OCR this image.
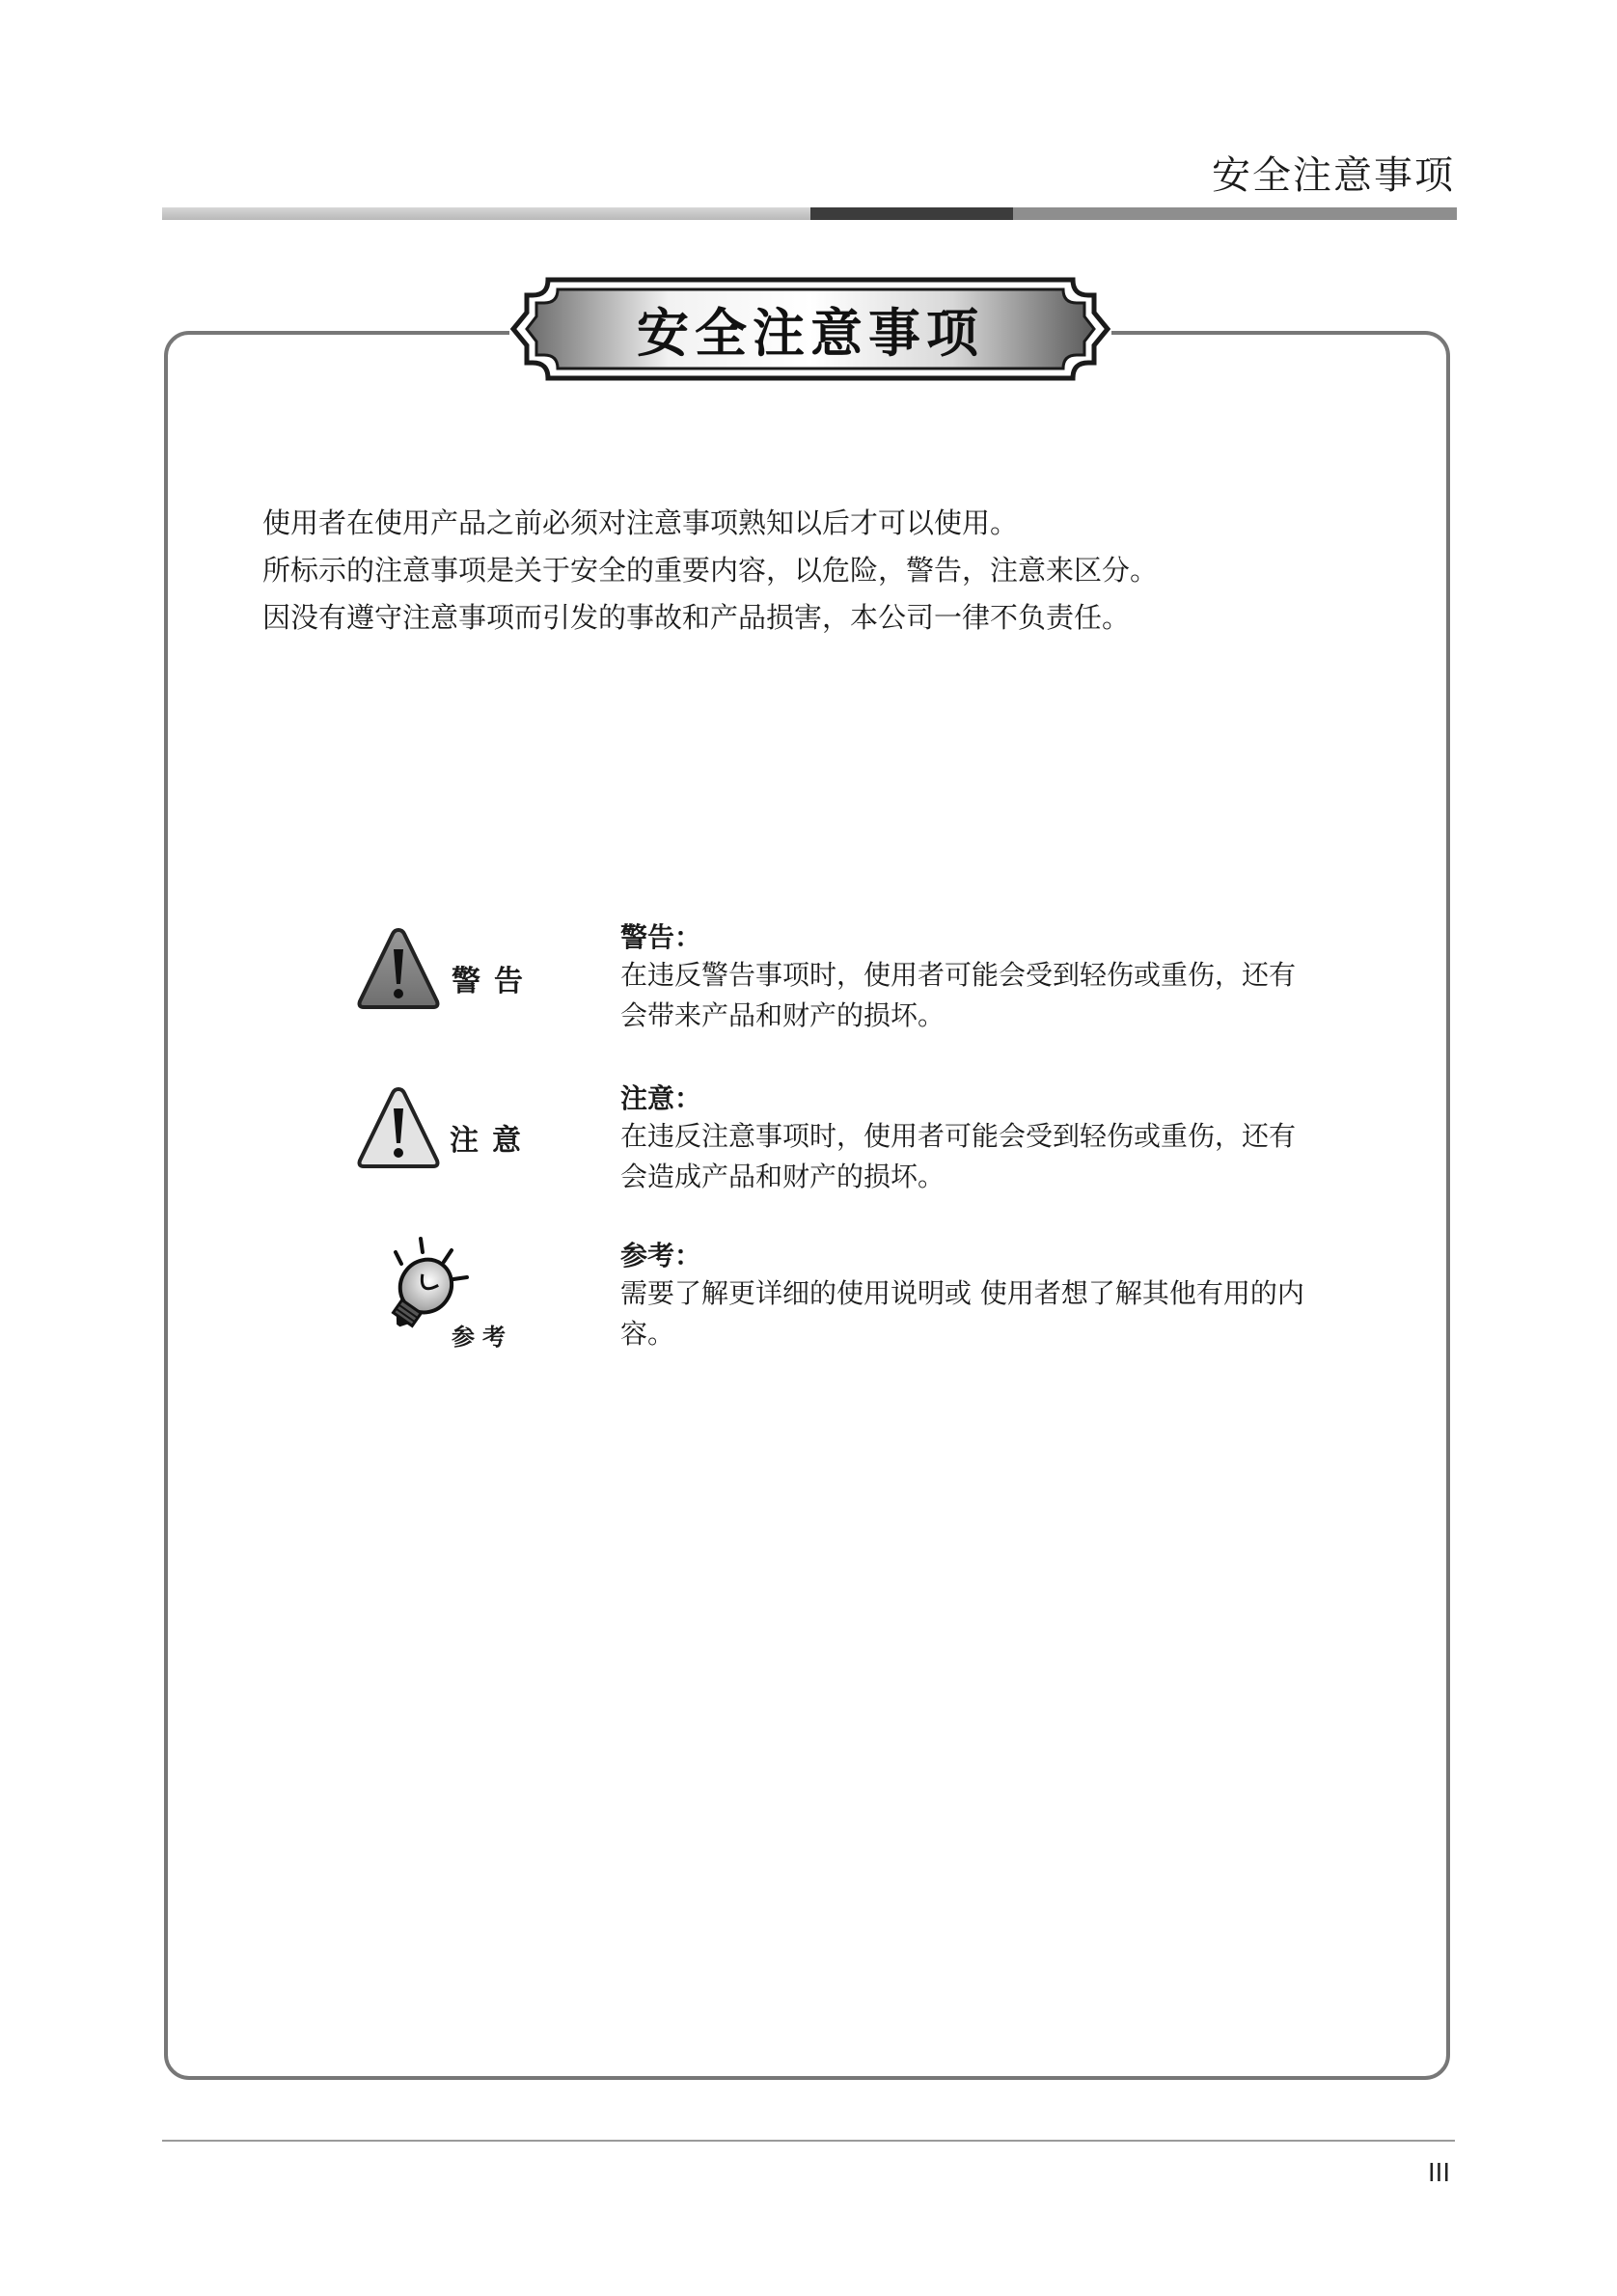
安全注意事项
安全注意事项

使用者在使用产品之前必须对注意事项熟知以后才可以使用。

所标示的注意事项是关于安全的重要内容，以危险，警告，注意来区分。

因没有遵守注意事项而引发的事故和产品损害，本公司一律不负责任。

警告
警告：

在违反警告事项时，使用者可能会受到轻伤或重伤，还有会带来产品和财产的损坏。

注意
注意：

在违反注意事项时，使用者可能会受到轻伤或重伤，还有会造成产品和财产的损坏。

参考
参考：

需要了解更详细的使用说明或 使用者想了解其他有用的内容。

III
